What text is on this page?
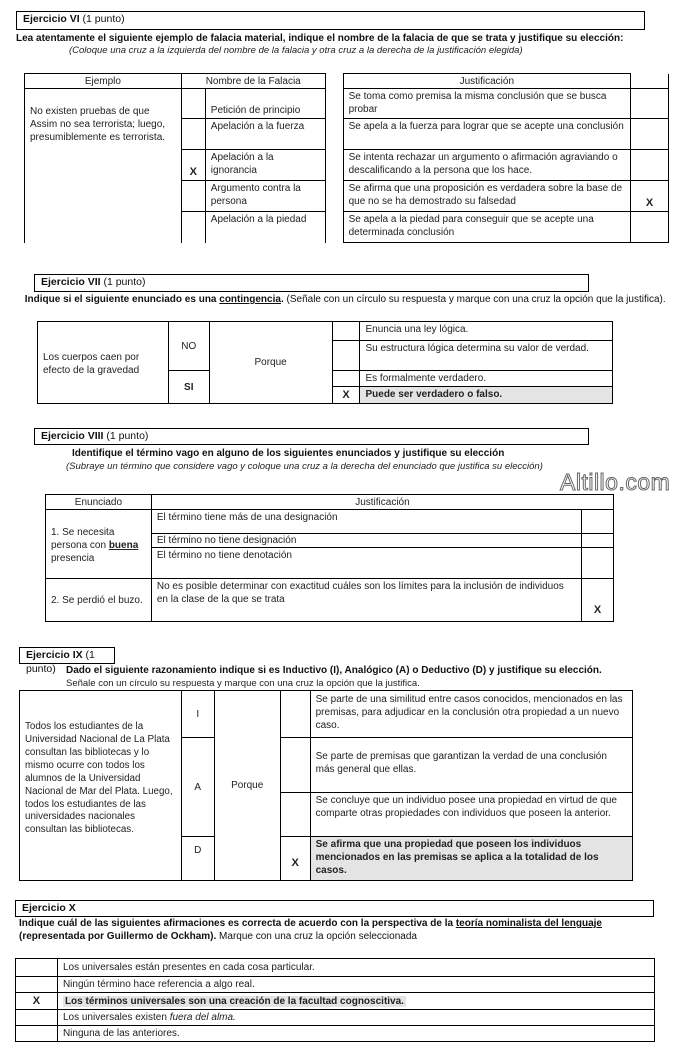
Ejercicio VI (1 punto)
Lea atentamente el siguiente ejemplo de falacia material, indique el nombre de la falacia de que se trata y justifique su elección:
(Coloque una cruz a la izquierda del nombre de la falacia y otra cruz a la derecha de la justificación elegida)
Ejemplo	Nombre de la Falacia			Justificación	
No existen pruebas de que Assim no sea terrorista; luego, presumiblemente es terrorista.		Petición de principio		Se toma como premisa la misma conclusión que se busca probar	
		Apelación a la fuerza		Se apela a la fuerza para lograr que se acepte una conclusión	
	X	Apelación a la ignorancia		Se intenta rechazar un argumento o afirmación agraviando o descalificando a la persona que los hace.	
		Argumento contra la persona		Se afirma que una proposición es verdadera sobre la base de que no se ha demostrado su falsedad	X
		Apelación a la piedad		Se apela a la piedad para conseguir que se acepte una determinada conclusión	
Ejercicio VII (1 punto)
Indique si el siguiente enunciado es una contingencia. (Señale con un círculo su respuesta y marque con una cruz la opción que la justifica).
Los cuerpos caen por efecto de la gravedad	NO	Porque		Enuncia una ley lógica.
				Su estructura lógica determina su valor de verdad.
	SI			Es formalmente verdadero.
			X	Puede ser verdadero o falso.
Ejercicio VIII (1 punto)
Identifique el término vago en alguno de los siguientes enunciados y justifique su elección
(Subraye un término que considere vago y coloque una cruz a la derecha del enunciado que justifica su elección)
Altillo.com
Enunciado	Justificación	
1. Se necesita persona con buena presencia	El término tiene más de una designación	
	El término no tiene designación	
	El término no tiene denotación	
2. Se perdió el buzo.	No es posible determinar con exactitud cuáles son los límites para la inclusión de individuos en la clase de la que se trata	X
Ejercicio IX (1 punto)	Dado el siguiente razonamiento indique si es Inductivo (I), Analógico (A) o Deductivo (D) y justifique su elección.
Señale con un círculo su respuesta y marque con una cruz la opción que la justifica.
Todos los estudiantes de la Universidad Nacional de La Plata consultan las bibliotecas y lo mismo ocurre con todos los alumnos de la Universidad Nacional de Mar del Plata. Luego, todos los estudiantes de las universidades nacionales consultan las bibliotecas.	I	Porque		Se parte de una similitud entre casos conocidos, mencionados en las premisas, para adjudicar en la conclusión otra propiedad a un nuevo caso.
	A			Se parte de premisas que garantizan la verdad de una conclusión más general que ellas.
				Se concluye que un individuo posee una propiedad en virtud de que comparte otras propiedades con individuos que poseen la anterior.
	D		X	Se afirma que una propiedad que poseen los individuos mencionados en las premisas se aplica a la totalidad de los casos.
Ejercicio X
Indique cuál de las siguientes afirmaciones es correcta de acuerdo con la perspectiva de la teoría nominalista del lenguaje (representada por Guillermo de Ockham). Marque con una cruz la opción seleccionada
	Los universales están presentes en cada cosa particular.
	Ningún término hace referencia a algo real.
X	Los términos universales son una creación de la facultad cognoscitiva.
	Los universales existen fuera del alma.
	Ninguna de las anteriores.
